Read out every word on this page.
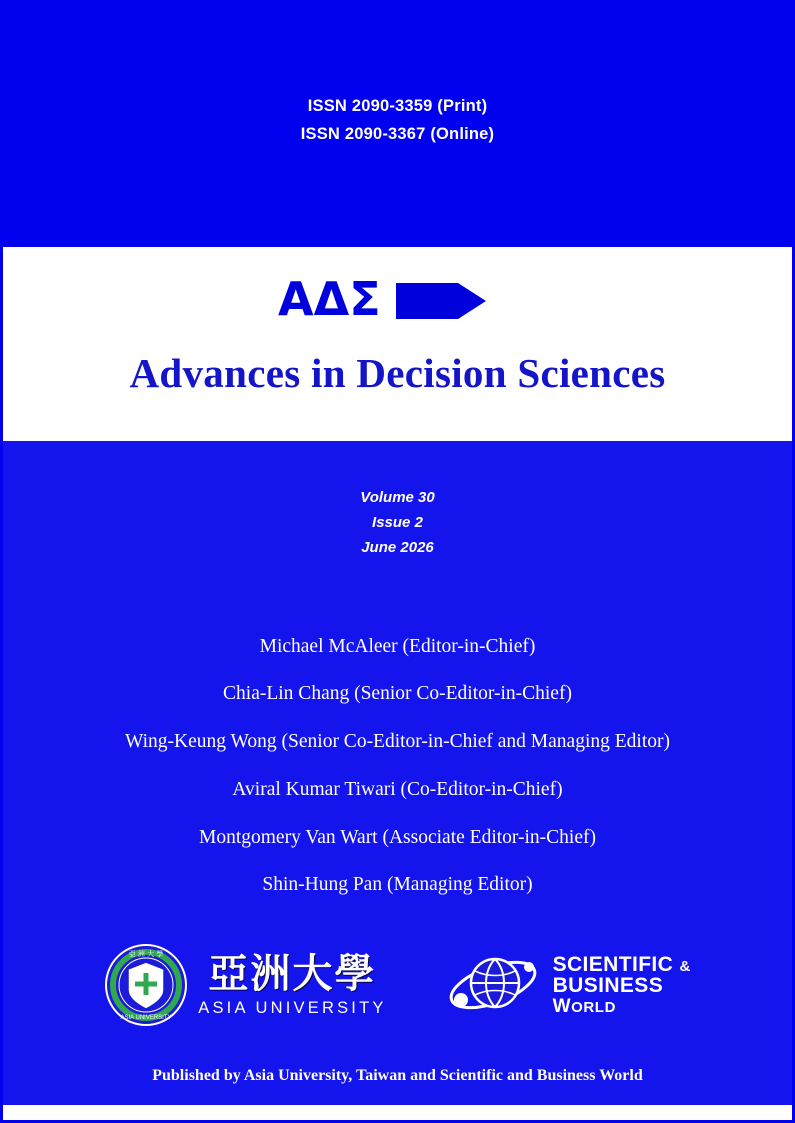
ISSN 2090-3359 (Print)
ISSN 2090-3367 (Online)
ΑΔΣ
Advances in Decision Sciences
Volume 30
Issue 2
June 2026
Michael McAleer (Editor-in-Chief)
Chia-Lin Chang (Senior Co-Editor-in-Chief)
Wing-Keung Wong (Senior Co-Editor-in-Chief and Managing Editor)
Aviral Kumar Tiwari (Co-Editor-in-Chief)
Montgomery Van Wart (Associate Editor-in-Chief)
Shin-Hung Pan (Managing Editor)
亞 洲 大 學
ASIA UNIVERSITY
亞洲大學
ASIA UNIVERSITY
SCIENTIFIC &
BUSINESS
WORLD
Published by Asia University, Taiwan and Scientific and Business World
